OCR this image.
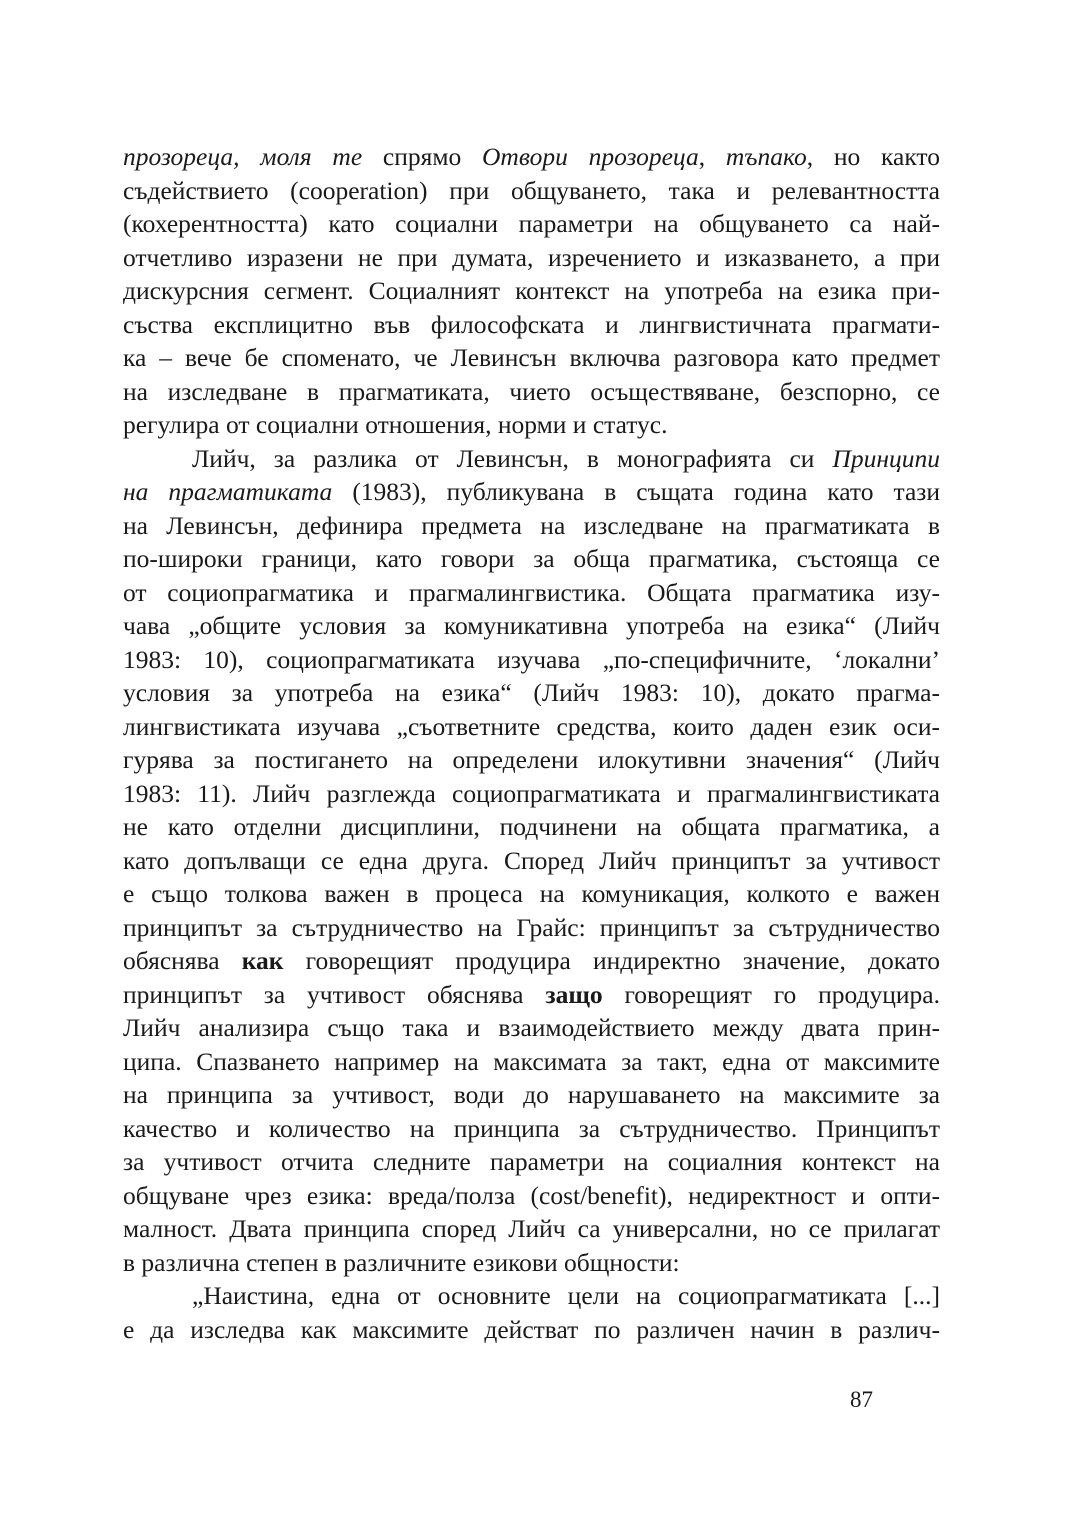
прозореца, моля те спрямо Отвори прозореца, тъпако, но както
съдействието (cooperation) при общуването, така и релевантността
(кохерентността) като социални параметри на общуването са най-
отчетливо изразени не при думата, изречението и изказването, а при
дискурсния сегмент. Социалният контекст на употреба на езика при-
съства експлицитно във философската и лингвистичната прагмати-
ка – вече бе споменато, че Левинсън включва разговора като предмет
на изследване в прагматиката, чието осъществяване, безспорно, се
регулира от социални отношения, норми и статус.
Лийч, за разлика от Левинсън, в монографията си Принципи
на прагматиката (1983), публикувана в същата година като тази
на Левинсън, дефинира предмета на изследване на прагматиката в
по-широки граници, като говори за обща прагматика, състояща се
от социопрагматика и прагмалингвистика. Общата прагматика изу-
чава „общите условия за комуникативна употреба на езика“ (Лийч
1983: 10), социопрагматиката изучава „по-специфичните, ‘локални’
условия за употреба на езика“ (Лийч 1983: 10), докато прагма-
лингвистиката изучава „съответните средства, които даден език оси-
гурява за постигането на определени илокутивни значения“ (Лийч
1983: 11). Лийч разглежда социопрагматиката и прагмалингвистиката
не като отделни дисциплини, подчинени на общата прагматика, а
като допълващи се една друга. Според Лийч принципът за учтивост
е също толкова важен в процеса на комуникация, колкото е важен
принципът за сътрудничество на Грайс: принципът за сътрудничество
обяснява как говорещият продуцира индиректно значение, докато
принципът за учтивост обяснява защо говорещият го продуцира.
Лийч анализира също така и взаимодействието между двата прин-
ципа. Спазването например на максимата за такт, една от максимите
на принципа за учтивост, води до нарушаването на максимите за
качество и количество на принципа за сътрудничество. Принципът
за учтивост отчита следните параметри на социалния контекст на
общуване чрез езика: вреда/полза (cost/benefit), недиректност и опти-
малност. Двата принципа според Лийч са универсални, но се прилагат
в различна степен в различните езикови общности:
„Наистина, една от основните цели на социопрагматиката [...]
е да изследва как максимите действат по различен начин в различ-
87
